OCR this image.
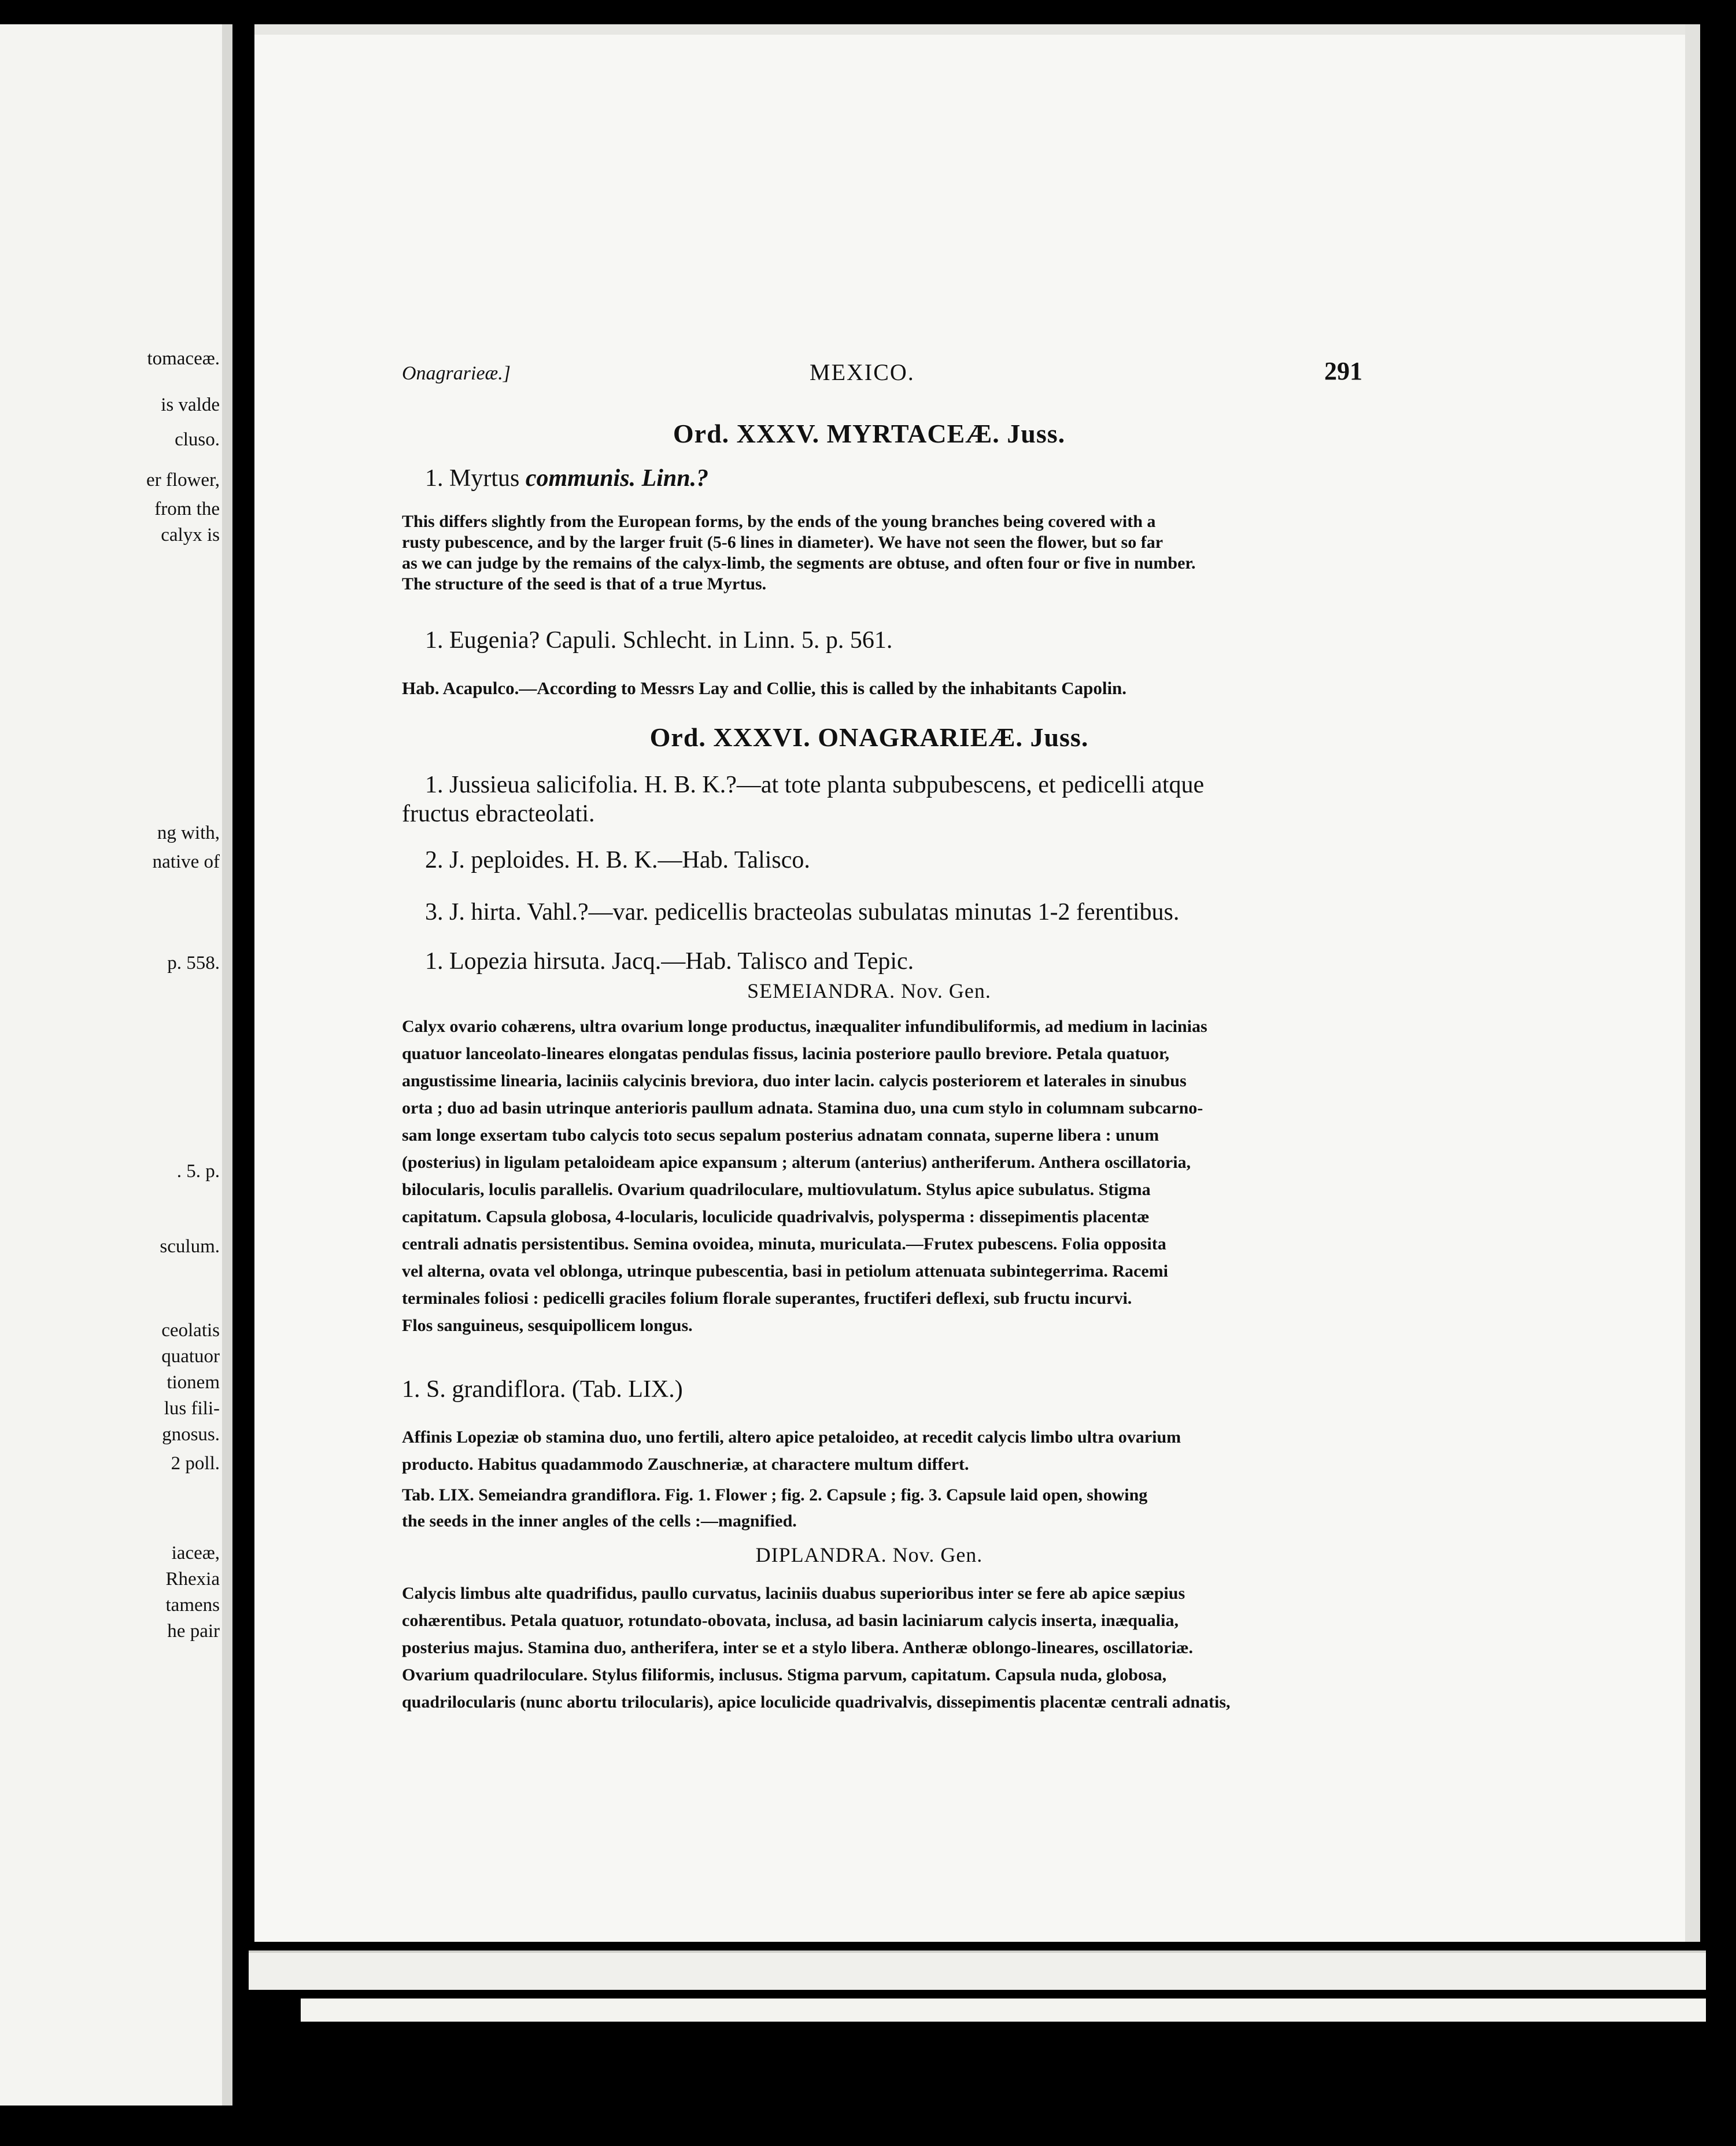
tomaceæ.
is valde
cluso.
er flower,
from the
calyx is
ng with,
native of
p. 558.
. 5. p.
sculum.
ceolatis
quatuor
tionem
lus fili-
gnosus.
2 poll.
iaceæ,
Rhexia
tamens
he pair
Onagrarieæ.]	MEXICO.	291
Ord. XXXV. MYRTACEÆ. Juss.
1. Myrtus communis. Linn.?
This differs slightly from the European forms, by the ends of the young branches being covered with a
rusty pubescence, and by the larger fruit (5-6 lines in diameter). We have not seen the flower, but so far
as we can judge by the remains of the calyx-limb, the segments are obtuse, and often four or five in number.
The structure of the seed is that of a true Myrtus.
1. Eugenia? Capuli. Schlecht. in Linn. 5. p. 561.
Hab. Acapulco.—According to Messrs Lay and Collie, this is called by the inhabitants Capolin.
Ord. XXXVI. ONAGRARIEÆ. Juss.
1. Jussieua salicifolia. H. B. K.?—at tote planta subpubescens, et pedicelli atque
fructus ebracteolati.
2. J. peploides. H. B. K.—Hab. Talisco.
3. J. hirta. Vahl.?—var. pedicellis bracteolas subulatas minutas 1-2 ferentibus.
1. Lopezia hirsuta. Jacq.—Hab. Talisco and Tepic.
SEMEIANDRA. Nov. Gen.
Calyx ovario cohærens, ultra ovarium longe productus, inæqualiter infundibuliformis, ad medium in lacinias
quatuor lanceolato-lineares elongatas pendulas fissus, lacinia posteriore paullo breviore. Petala quatuor,
angustissime linearia, laciniis calycinis breviora, duo inter lacin. calycis posteriorem et laterales in sinubus
orta ; duo ad basin utrinque anterioris paullum adnata. Stamina duo, una cum stylo in columnam subcarno-
sam longe exsertam tubo calycis toto secus sepalum posterius adnatam connata, superne libera : unum
(posterius) in ligulam petaloideam apice expansum ; alterum (anterius) antheriferum. Anthera oscillatoria,
bilocularis, loculis parallelis. Ovarium quadriloculare, multiovulatum. Stylus apice subulatus. Stigma
capitatum. Capsula globosa, 4-locularis, loculicide quadrivalvis, polysperma : dissepimentis placentæ
centrali adnatis persistentibus. Semina ovoidea, minuta, muriculata.—Frutex pubescens. Folia opposita
vel alterna, ovata vel oblonga, utrinque pubescentia, basi in petiolum attenuata subintegerrima. Racemi
terminales foliosi : pedicelli graciles folium florale superantes, fructiferi deflexi, sub fructu incurvi.
Flos sanguineus, sesquipollicem longus.
1. S. grandiflora. (Tab. LIX.)
Affinis Lopeziæ ob stamina duo, uno fertili, altero apice petaloideo, at recedit calycis limbo ultra ovarium
producto. Habitus quadammodo Zauschneriæ, at charactere multum differt.
Tab. LIX. Semeiandra grandiflora. Fig. 1. Flower ; fig. 2. Capsule ; fig. 3. Capsule laid open, showing
the seeds in the inner angles of the cells :—magnified.
DIPLANDRA. Nov. Gen.
Calycis limbus alte quadrifidus, paullo curvatus, laciniis duabus superioribus inter se fere ab apice sæpius
cohærentibus. Petala quatuor, rotundato-obovata, inclusa, ad basin laciniarum calycis inserta, inæqualia,
posterius majus. Stamina duo, antherifera, inter se et a stylo libera. Antheræ oblongo-lineares, oscillatoriæ.
Ovarium quadriloculare. Stylus filiformis, inclusus. Stigma parvum, capitatum. Capsula nuda, globosa,
quadrilocularis (nunc abortu trilocularis), apice loculicide quadrivalvis, dissepimentis placentæ centrali adnatis,
